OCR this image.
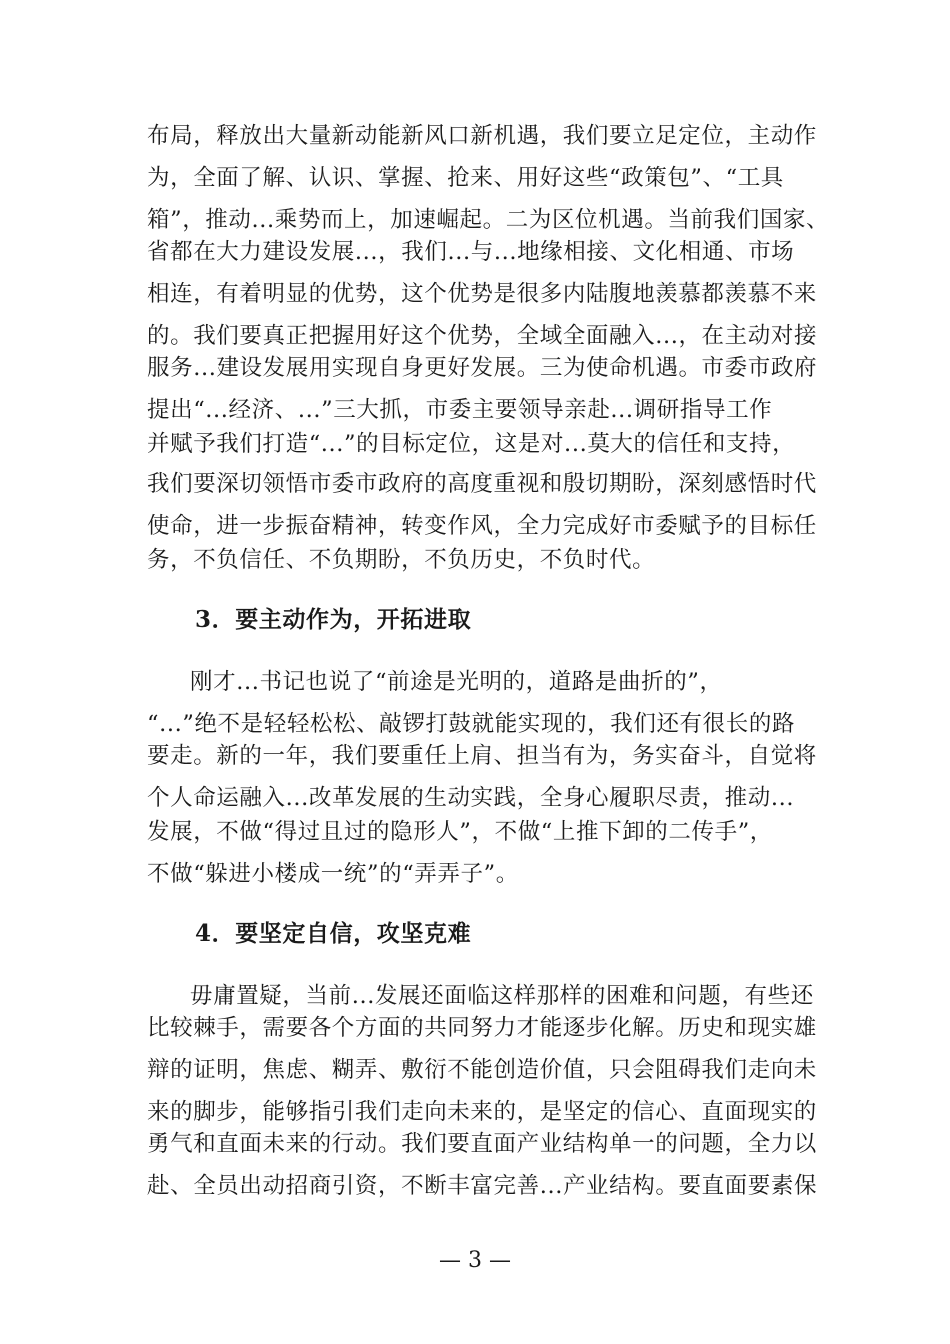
布局，释放出大量新动能新风口新机遇，我们要立足定位，主动作
为，全面了解、认识、掌握、抢来、用好这些“政策包”、“工具
箱”，推动...乘势而上，加速崛起。二为区位机遇。当前我们国家、
省都在大力建设发展...，我们...与...地缘相接、文化相通、市场
相连，有着明显的优势，这个优势是很多内陆腹地羡慕都羡慕不来
的。我们要真正把握用好这个优势，全域全面融入...，在主动对接
服务...建设发展用实现自身更好发展。三为使命机遇。市委市政府
提出“...经济、...”三大抓，市委主要领导亲赴...调研指导工作
并赋予我们打造“...”的目标定位，这是对...莫大的信任和支持，
我们要深切领悟市委市政府的高度重视和殷切期盼，深刻感悟时代
使命，进一步振奋精神，转变作风，全力完成好市委赋予的目标任
务，不负信任、不负期盼，不负历史，不负时代。
3．要主动作为，开拓进取
刚才...书记也说了“前途是光明的，道路是曲折的”，
“...”绝不是轻轻松松、敲锣打鼓就能实现的，我们还有很长的路
要走。新的一年，我们要重任上肩、担当有为，务实奋斗，自觉将
个人命运融入...改革发展的生动实践，全身心履职尽责，推动...
发展，不做“得过且过的隐形人”，不做“上推下卸的二传手”，
不做“躲进小楼成一统”的“弄弄子”。
4．要坚定自信，攻坚克难
毋庸置疑，当前...发展还面临这样那样的困难和问题，有些还
比较棘手，需要各个方面的共同努力才能逐步化解。历史和现实雄
辩的证明，焦虑、糊弄、敷衍不能创造价值，只会阻碍我们走向未
来的脚步，能够指引我们走向未来的，是坚定的信心、直面现实的
勇气和直面未来的行动。我们要直面产业结构单一的问题，全力以
赴、全员出动招商引资，不断丰富完善...产业结构。要直面要素保
— 3 —
